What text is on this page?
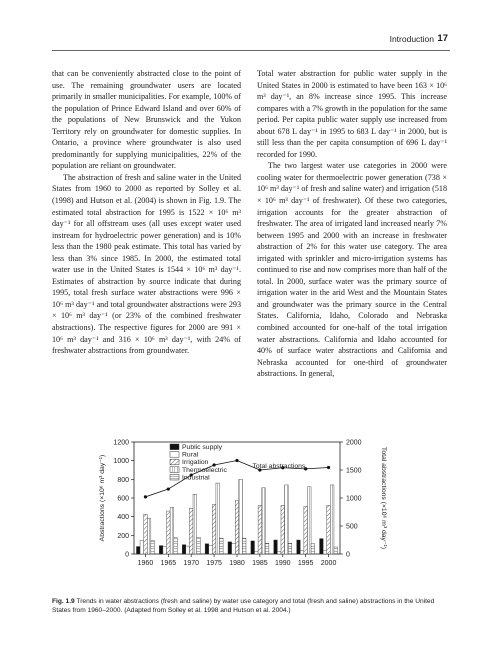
Introduction 17

that can be conveniently abstracted close to the point of use. The remaining groundwater users are located primarily in smaller municipalities. For example, 100% of the population of Prince Edward Island and over 60% of the populations of New Brunswick and the Yukon Territory rely on groundwater for domestic supplies. In Ontario, a province where groundwater is also used predominantly for supplying municipalities, 22% of the population are reliant on groundwater.

The abstraction of fresh and saline water in the United States from 1960 to 2000 as reported by Solley et al. (1998) and Hutson et al. (2004) is shown in Fig. 1.9. The estimated total abstraction for 1995 is 1522 × 10⁶ m³ day⁻¹ for all offstream uses (all uses except water used instream for hydroelectric power generation) and is 10% less than the 1980 peak estimate. This total has varied by less than 3% since 1985. In 2000, the estimated total water use in the United States is 1544 × 10⁶ m³ day⁻¹. Estimates of abstraction by source indicate that during 1995, total fresh surface water abstractions were 996 × 10⁶ m³ day⁻¹ and total groundwater abstractions were 293 × 10⁶ m³ day⁻¹ (or 23% of the combined freshwater abstractions). The respective figures for 2000 are 991 × 10⁶ m³ day⁻¹ and 316 × 10⁶ m³ day⁻¹, with 24% of freshwater abstractions from groundwater.

Total water abstraction for public water supply in the United States in 2000 is estimated to have been 163 × 10⁶ m³ day⁻¹, an 8% increase since 1995. This increase compares with a 7% growth in the population for the same period. Per capita public water supply use increased from about 678 L day⁻¹ in 1995 to 683 L day⁻¹ in 2000, but is still less than the per capita consumption of 696 L day⁻¹ recorded for 1990.

The two largest water use categories in 2000 were cooling water for thermoelectric power generation (738 × 10⁶ m³ day⁻¹ of fresh and saline water) and irrigation (518 × 10⁶ m³ day⁻¹ of freshwater). Of these two categories, irrigation accounts for the greater abstraction of freshwater. The area of irrigated land increased nearly 7% between 1995 and 2000 with an increase in freshwater abstraction of 2% for this water use category. The area irrigated with sprinkler and micro-irrigation systems has continued to rise and now comprises more than half of the total. In 2000, surface water was the primary source of irrigation water in the arid West and the Mountain States and groundwater was the primary source in the Central States. California, Idaho, Colorado and Nebraska combined accounted for one-half of the total irrigation water abstractions. California and Idaho accounted for 40% of surface water abstractions and California and Nebraska accounted for one-third of groundwater abstractions. In general,

Public supply
Rural
Irrigation
Thermoelectric
Industrial
0
200
400
600
800
1000
1200
0
500
1000
1500
2000
Abstractions (×10⁶ m³ day⁻¹)	Total abstractions (×10⁶ m³ day⁻¹)
1960 1965 1970 1975 1980 1985 1990 1995 2000
Total abstractions
Fig. 1.9 Trends in water abstractions (fresh and saline) by water use category and total (fresh and saline) abstractions in the United States from 1960–2000. (Adapted from Solley et al. 1998 and Hutson et al. 2004.)
